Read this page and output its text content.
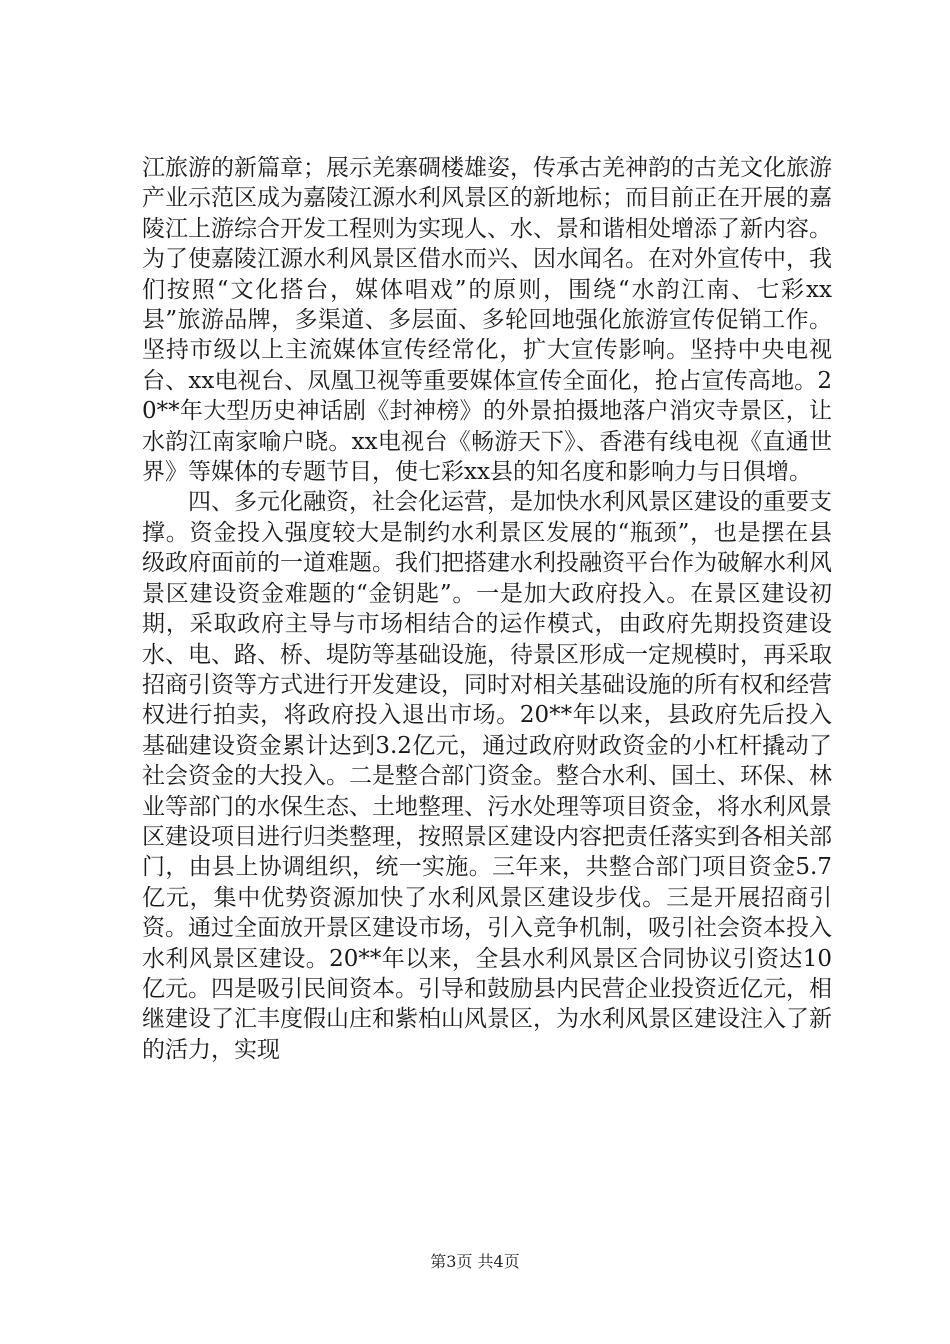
江旅游的新篇章；展示羌寨碉楼雄姿，传承古羌神韵的古羌文化旅游产业示范区成为嘉陵江源水利风景区的新地标；而目前正在开展的嘉陵江上游综合开发工程则为实现人、水、景和谐相处增添了新内容。为了使嘉陵江源水利风景区借水而兴、因水闻名。在对外宣传中，我们按照“文化搭台，媒体唱戏”的原则，围绕“水韵江南、七彩xx县”旅游品牌，多渠道、多层面、多轮回地强化旅游宣传促销工作。坚持市级以上主流媒体宣传经常化，扩大宣传影响。坚持中央电视台、xx电视台、凤凰卫视等重要媒体宣传全面化，抢占宣传高地。20**年大型历史神话剧《封神榜》的外景拍摄地落户消灾寺景区，让水韵江南家喻户晓。xx电视台《畅游天下》、香港有线电视《直通世界》等媒体的专题节目，使七彩xx县的知名度和影响力与日俱增。

四、多元化融资，社会化运营，是加快水利风景区建设的重要支撑。资金投入强度较大是制约水利景区发展的“瓶颈”，也是摆在县级政府面前的一道难题。我们把搭建水利投融资平台作为破解水利风景区建设资金难题的“金钥匙”。一是加大政府投入。在景区建设初期，采取政府主导与市场相结合的运作模式，由政府先期投资建设水、电、路、桥、堤防等基础设施，待景区形成一定规模时，再采取招商引资等方式进行开发建设，同时对相关基础设施的所有权和经营权进行拍卖，将政府投入退出市场。20**年以来，县政府先后投入基础建设资金累计达到3.2亿元，通过政府财政资金的小杠杆撬动了社会资金的大投入。二是整合部门资金。整合水利、国土、环保、林业等部门的水保生态、土地整理、污水处理等项目资金，将水利风景区建设项目进行归类整理，按照景区建设内容把责任落实到各相关部门，由县上协调组织，统一实施。三年来，共整合部门项目资金5.7亿元，集中优势资源加快了水利风景区建设步伐。三是开展招商引资。通过全面放开景区建设市场，引入竞争机制，吸引社会资本投入水利风景区建设。20**年以来，全县水利风景区合同协议引资达10亿元。四是吸引民间资本。引导和鼓励县内民营企业投资近亿元，相继建设了汇丰度假山庄和紫柏山风景区，为水利风景区建设注入了新的活力，实现

第3页 共4页
